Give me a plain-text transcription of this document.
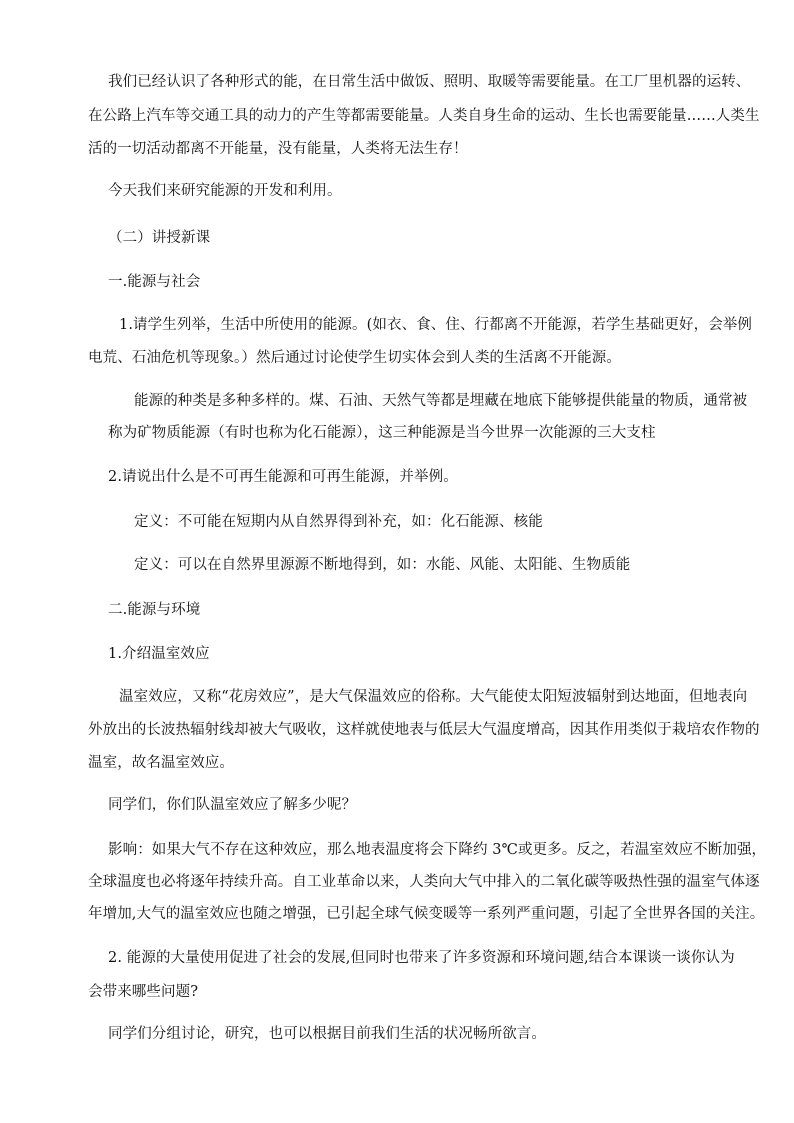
我们已经认识了各种形式的能，在日常生活中做饭、照明、取暖等需要能量。在工厂里机器的运转、
在公路上汽车等交通工具的动力的产生等都需要能量。人类自身生命的运动、生长也需要能量……人类生
活的一切活动都离不开能量，没有能量，人类将无法生存！
今天我们来研究能源的开发和利用。
（二）讲授新课
一.能源与社会
1.请学生列举，生活中所使用的能源。(如衣、食、住、行都离不开能源，若学生基础更好，会举例
电荒、石油危机等现象。）然后通过讨论使学生切实体会到人类的生活离不开能源。
能源的种类是多种多样的。煤、石油、天然气等都是埋藏在地底下能够提供能量的物质，通常被
称为矿物质能源（有时也称为化石能源），这三种能源是当今世界一次能源的三大支柱
2.请说出什么是不可再生能源和可再生能源，并举例。
定义：不可能在短期内从自然界得到补充，如：化石能源、核能
定义：可以在自然界里源源不断地得到，如：水能、风能、太阳能、生物质能
二.能源与环境
1.介绍温室效应
温室效应，又称“花房效应”，是大气保温效应的俗称。大气能使太阳短波辐射到达地面，但地表向
外放出的长波热辐射线却被大气吸收，这样就使地表与低层大气温度增高，因其作用类似于栽培农作物的
温室，故名温室效应。
同学们，你们队温室效应了解多少呢？
影响：如果大气不存在这种效应，那么地表温度将会下降约 3℃或更多。反之，若温室效应不断加强，
全球温度也必将逐年持续升高。自工业革命以来，人类向大气中排入的二氧化碳等吸热性强的温室气体逐
年增加,大气的温室效应也随之增强，已引起全球气候变暖等一系列严重问题，引起了全世界各国的关注。
2. 能源的大量使用促进了社会的发展,但同时也带来了许多资源和环境问题,结合本课谈一谈你认为
会带来哪些问题?
同学们分组讨论，研究，也可以根据目前我们生活的状况畅所欲言。
